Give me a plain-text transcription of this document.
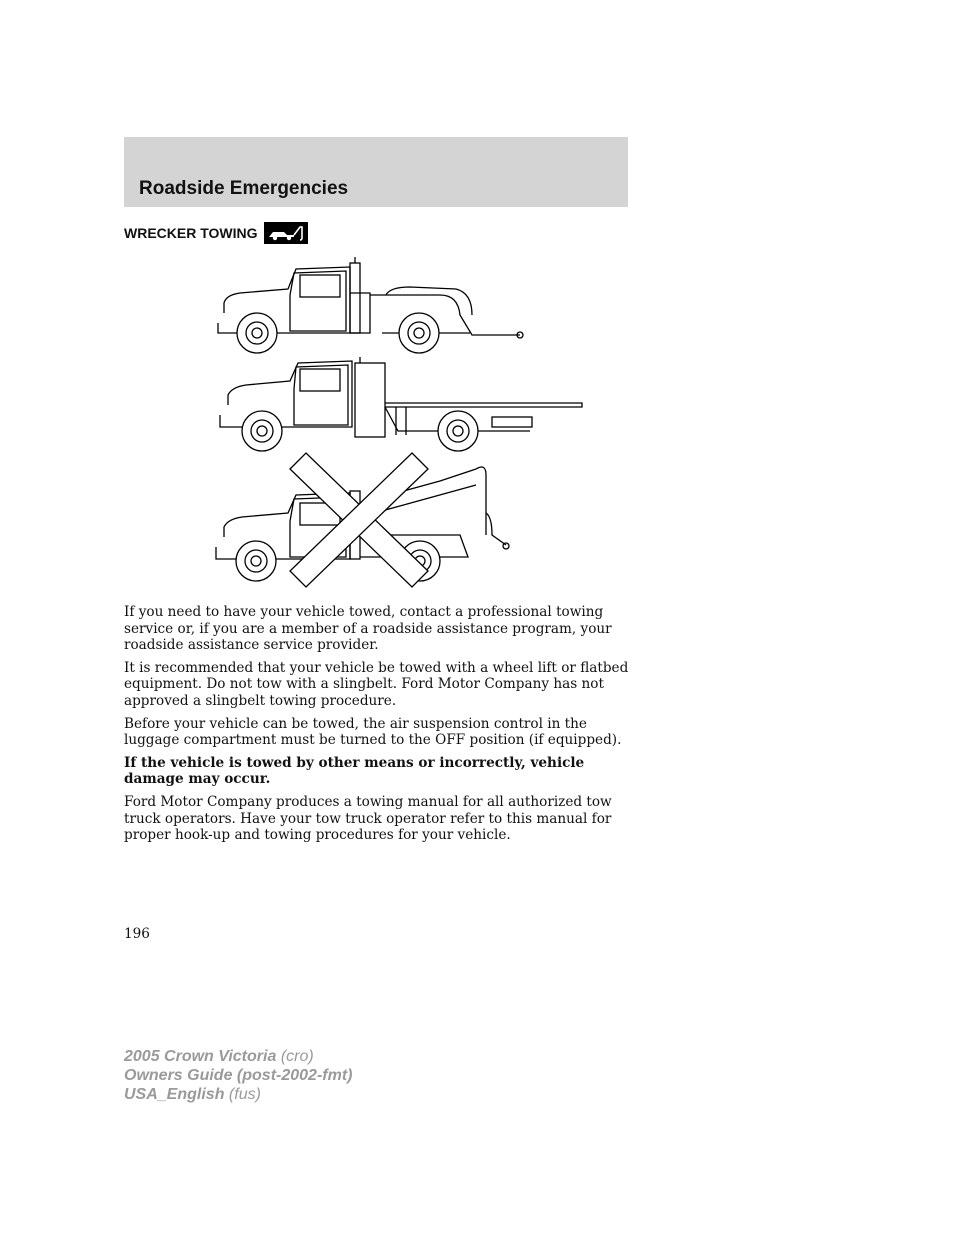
Roadside Emergencies
WRECKER TOWING

If you need to have your vehicle towed, contact a professional towing service or, if you are a member of a roadside assistance program, your roadside assistance service provider.

It is recommended that your vehicle be towed with a wheel lift or flatbed equipment. Do not tow with a slingbelt. Ford Motor Company has not approved a slingbelt towing procedure.

Before your vehicle can be towed, the air suspension control in the luggage compartment must be turned to the OFF position (if equipped).

If the vehicle is towed by other means or incorrectly, vehicle damage may occur.

Ford Motor Company produces a towing manual for all authorized tow truck operators. Have your tow truck operator refer to this manual for proper hook-up and towing procedures for your vehicle.

196
2005 Crown Victoria (cro)
Owners Guide (post-2002-fmt)
USA_English (fus)
